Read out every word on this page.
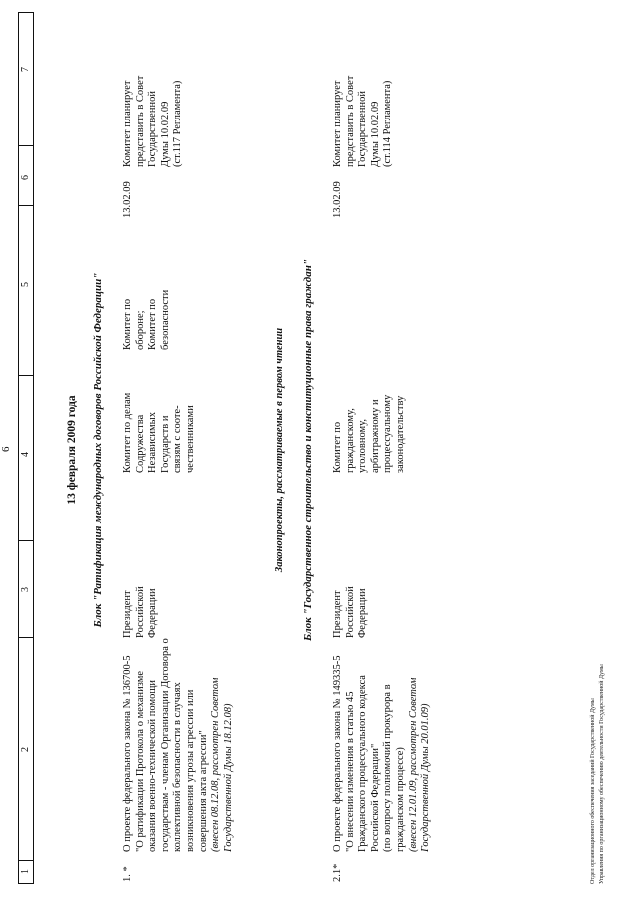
6
1
2
3
4
5
6
7
13 февраля 2009 года Блок "Ратификация международных договоров Российской Федерации"
1. *
О проекте федерального закона № 136700-5 "О ратификации Протокола о механизме оказания военно-технической помощи государствам - членам Организации Договора о коллективной безопасности в случаях возникновения угрозы агрессии или совершения акта агрессии" (внесен 08.12.08, рассмотрен Советом Государственной Думы 18.12.08)
Президент Российской Федерации
Комитет по делам Содружества Независимых Государств и связям с сооте- чественниками
Комитет по обороне; Комитет по безопасности
13.02.09
Комитет планирует представить в Совет Государственной Думы 10.02.09 (ст.117 Регламента)
Законопроекты, рассматриваемые в первом чтении Блок "Государственное строительство и конституционные права граждан"
2.1*
О проекте федерального закона № 149335-5 "О внесении изменения в статью 45 Гражданского процессуального кодекса Российской Федерации" (по вопросу полномочий прокурора в гражданском процессе) (внесен 12.01.09, рассмотрен Советом Государственной Думы 20.01.09)
Президент Российской Федерации
Комитет по гражданскому, уголовному, арбитражному и процессуальному законодательству
13.02.09
Комитет планирует представить в Совет Государственной Думы 10.02.09 (ст.114 Регламента)
Отдел организационного обеспечения заседаний Государственной Думы Управления по организационному обеспечению деятельности Государственной Думы
